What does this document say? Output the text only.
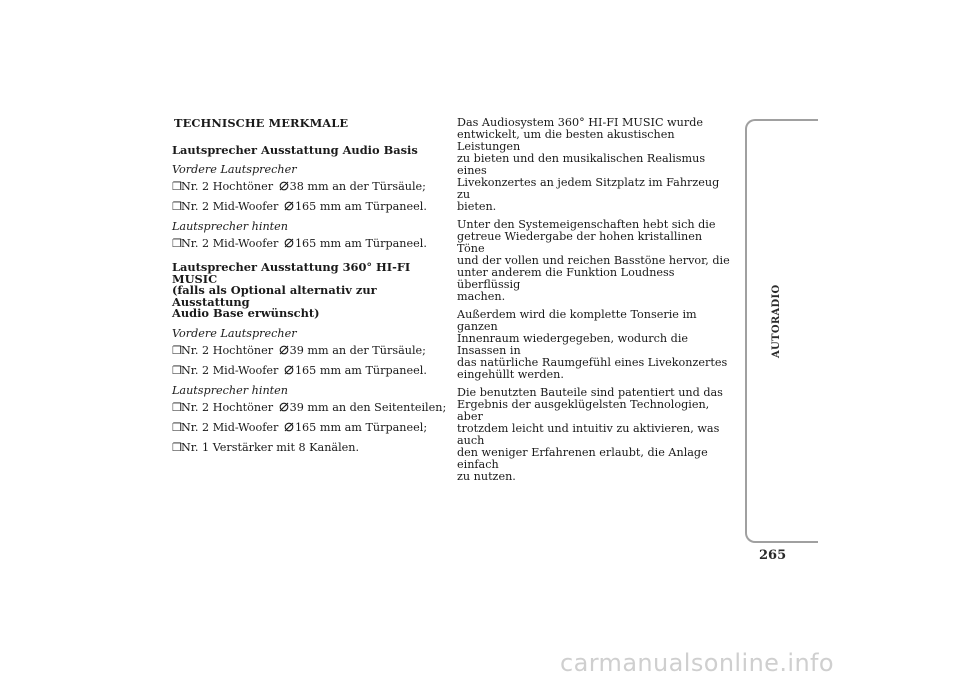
TECHNISCHE MERKMALE
Lautsprecher Ausstattung Audio Basis
Vordere Lautsprecher
❐Nr. 2 Hochtöner 38 mm an der Türsäule;
❐Nr. 2 Mid-Woofer 165 mm am Türpaneel.
Lautsprecher hinten
❐Nr. 2 Mid-Woofer 165 mm am Türpaneel.
Lautsprecher Ausstattung 360° HI-FI MUSIC
(falls als Optional alternativ zur Ausstattung
Audio Base erwünscht)
Vordere Lautsprecher
❐Nr. 2 Hochtöner 39 mm an der Türsäule;
❐Nr. 2 Mid-Woofer 165 mm am Türpaneel.
Lautsprecher hinten
❐Nr. 2 Hochtöner 39 mm an den Seitenteilen;
❐Nr. 2 Mid-Woofer 165 mm am Türpaneel;
❐Nr. 1 Verstärker mit 8 Kanälen.
Das Audiosystem 360° HI-FI MUSIC wurde
entwickelt, um die besten akustischen Leistungen
zu bieten und den musikalischen Realismus eines
Livekonzertes an jedem Sitzplatz im Fahrzeug zu
bieten.
Unter den Systemeigenschaften hebt sich die
getreue Wiedergabe der hohen kristallinen Töne
und der vollen und reichen Basstöne hervor, die
unter anderem die Funktion Loudness überflüssig
machen.
Außerdem wird die komplette Tonserie im ganzen
Innenraum wiedergegeben, wodurch die Insassen in
das natürliche Raumgefühl eines Livekonzertes
eingehüllt werden.
Die benutzten Bauteile sind patentiert und das
Ergebnis der ausgeklügelsten Technologien, aber
trotzdem leicht und intuitiv zu aktivieren, was auch
den weniger Erfahrenen erlaubt, die Anlage einfach
zu nutzen.
AUTORADIO
265
carmanualsonline.info
